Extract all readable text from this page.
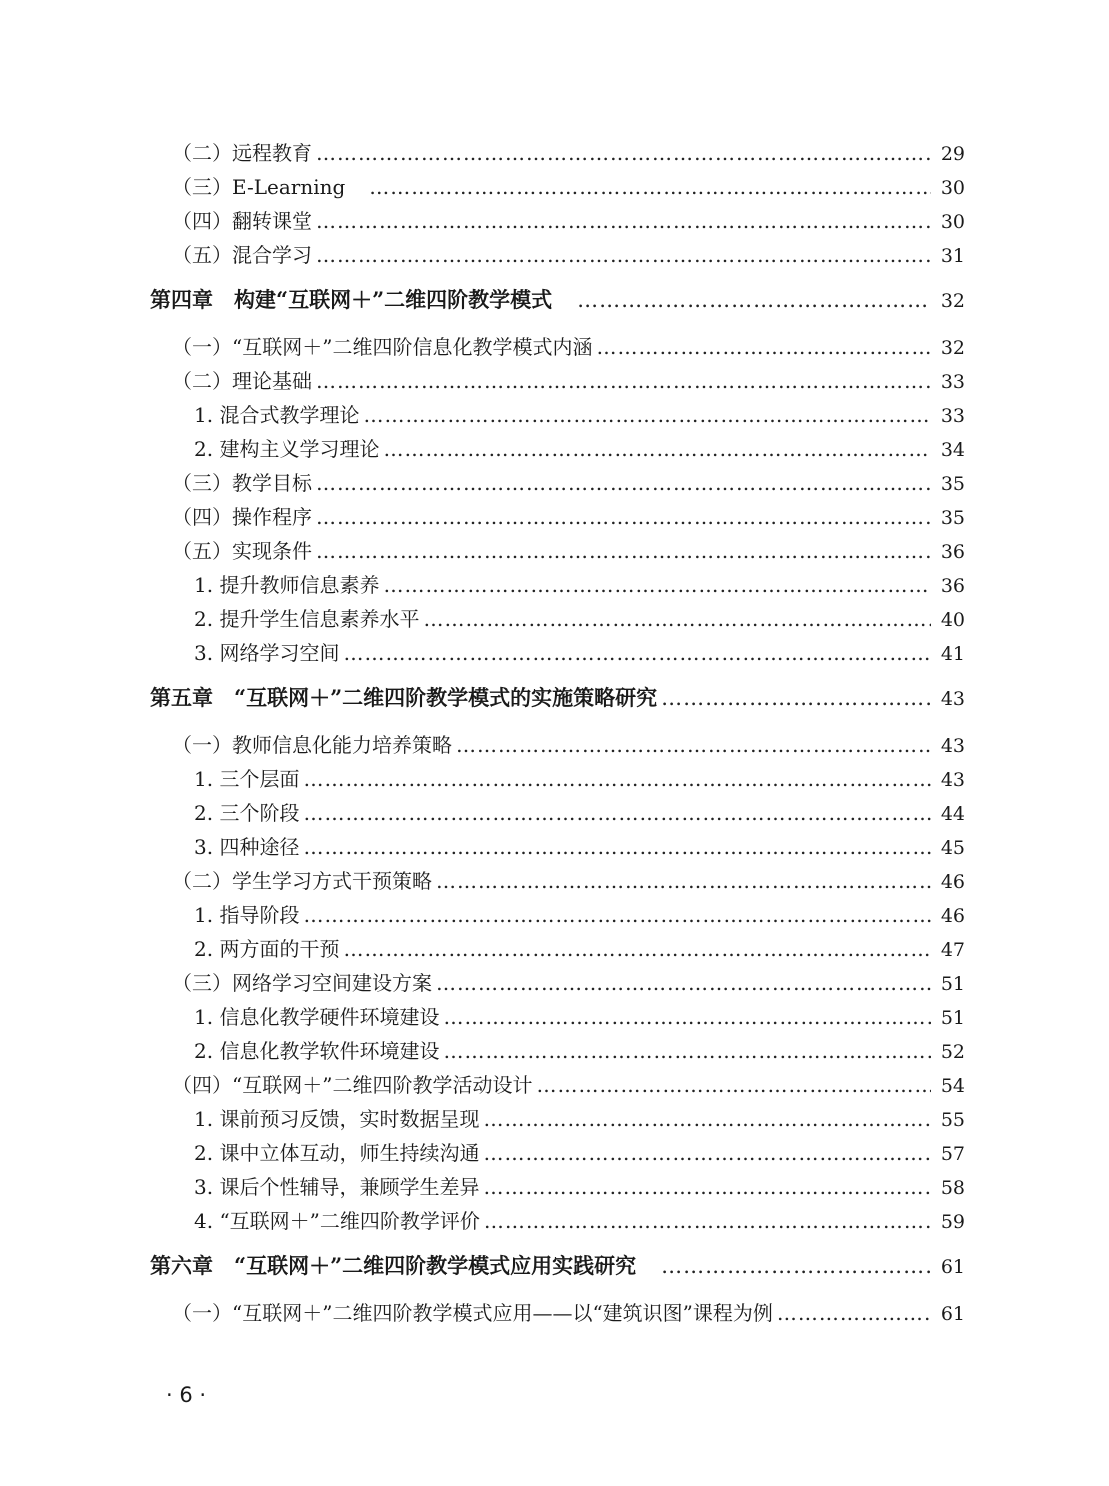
（二）远程教育 ……………………………………………………………………………………………………………………………………………………………………………………………………	29
（三）E-Learning　 ……………………………………………………………………………………………………………………………………………………………………………………………………	30
（四）翻转课堂 ……………………………………………………………………………………………………………………………………………………………………………………………………	30
（五）混合学习 ……………………………………………………………………………………………………………………………………………………………………………………………………	31
第四章　构建“互联网＋”二维四阶教学模式　 ……………………………………………………………………………………………………………………………………………………………………………………………………	32
（一）“互联网＋”二维四阶信息化教学模式内涵 ……………………………………………………………………………………………………………………………………………………………………………………………………	32
（二）理论基础 ……………………………………………………………………………………………………………………………………………………………………………………………………	33
1. 混合式教学理论 ……………………………………………………………………………………………………………………………………………………………………………………………………	33
2. 建构主义学习理论 ……………………………………………………………………………………………………………………………………………………………………………………………………	34
（三）教学目标 ……………………………………………………………………………………………………………………………………………………………………………………………………	35
（四）操作程序 ……………………………………………………………………………………………………………………………………………………………………………………………………	35
（五）实现条件 ……………………………………………………………………………………………………………………………………………………………………………………………………	36
1. 提升教师信息素养 ……………………………………………………………………………………………………………………………………………………………………………………………………	36
2. 提升学生信息素养水平 ……………………………………………………………………………………………………………………………………………………………………………………………………	40
3. 网络学习空间 ……………………………………………………………………………………………………………………………………………………………………………………………………	41
第五章　“互联网＋”二维四阶教学模式的实施策略研究 ……………………………………………………………………………………………………………………………………………………………………………………………………	43
（一）教师信息化能力培养策略 ……………………………………………………………………………………………………………………………………………………………………………………………………	43
1. 三个层面 ……………………………………………………………………………………………………………………………………………………………………………………………………	43
2. 三个阶段 ……………………………………………………………………………………………………………………………………………………………………………………………………	44
3. 四种途径 ……………………………………………………………………………………………………………………………………………………………………………………………………	45
（二）学生学习方式干预策略 ……………………………………………………………………………………………………………………………………………………………………………………………………	46
1. 指导阶段 ……………………………………………………………………………………………………………………………………………………………………………………………………	46
2. 两方面的干预 ……………………………………………………………………………………………………………………………………………………………………………………………………	47
（三）网络学习空间建设方案 ……………………………………………………………………………………………………………………………………………………………………………………………………	51
1. 信息化教学硬件环境建设 ……………………………………………………………………………………………………………………………………………………………………………………………………	51
2. 信息化教学软件环境建设 ……………………………………………………………………………………………………………………………………………………………………………………………………	52
（四）“互联网＋”二维四阶教学活动设计 ……………………………………………………………………………………………………………………………………………………………………………………………………	54
1. 课前预习反馈，实时数据呈现 ……………………………………………………………………………………………………………………………………………………………………………………………………	55
2. 课中立体互动，师生持续沟通 ……………………………………………………………………………………………………………………………………………………………………………………………………	57
3. 课后个性辅导，兼顾学生差异 ……………………………………………………………………………………………………………………………………………………………………………………………………	58
4. “互联网＋”二维四阶教学评价 ……………………………………………………………………………………………………………………………………………………………………………………………………	59
第六章　“互联网＋”二维四阶教学模式应用实践研究　 ……………………………………………………………………………………………………………………………………………………………………………………………………	61
（一）“互联网＋”二维四阶教学模式应用——以“建筑识图”课程为例 ……………………………………………………………………………………………………………………………………………………………………………………………………	61
· 6 ·
